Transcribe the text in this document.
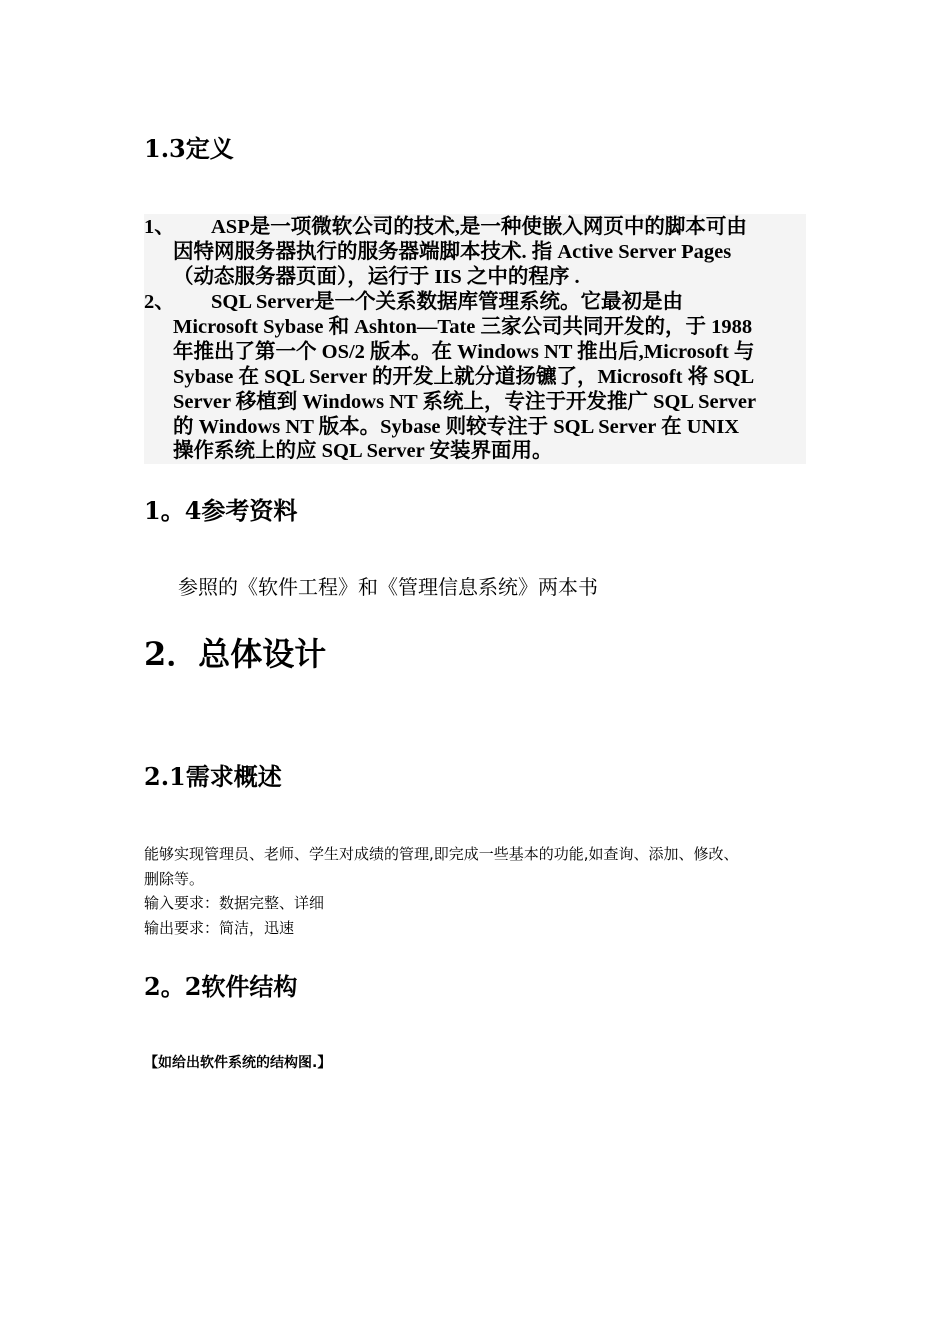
1.3定义
1、	ASP是一项微软公司的技术,是一种使嵌入网页中的脚本可由
因特网服务器执行的服务器端脚本技术. 指 Active Server Pages
（动态服务器页面），运行于 IIS 之中的程序 .
2、	SQL Server是一个关系数据库管理系统。它最初是由
Microsoft Sybase 和 Ashton—Tate 三家公司共同开发的，于 1988
年推出了第一个 OS/2 版本。在 Windows NT 推出后,Microsoft 与
Sybase 在 SQL Server 的开发上就分道扬镳了，Microsoft 将 SQL
Server 移植到 Windows NT 系统上，专注于开发推广 SQL Server
的 Windows NT 版本。Sybase 则较专注于 SQL Server 在 UNIX
操作系统上的应 SQL Server 安装界面用。
1。4参考资料

参照的《软件工程》和《管理信息系统》两本书

2．总体设计
2.1需求概述

能够实现管理员、老师、学生对成绩的管理,即完成一些基本的功能,如查询、添加、修改、

删除等。

输入要求：数据完整、详细

输出要求：简洁，迅速

2。2软件结构

【如给出软件系统的结构图.】
